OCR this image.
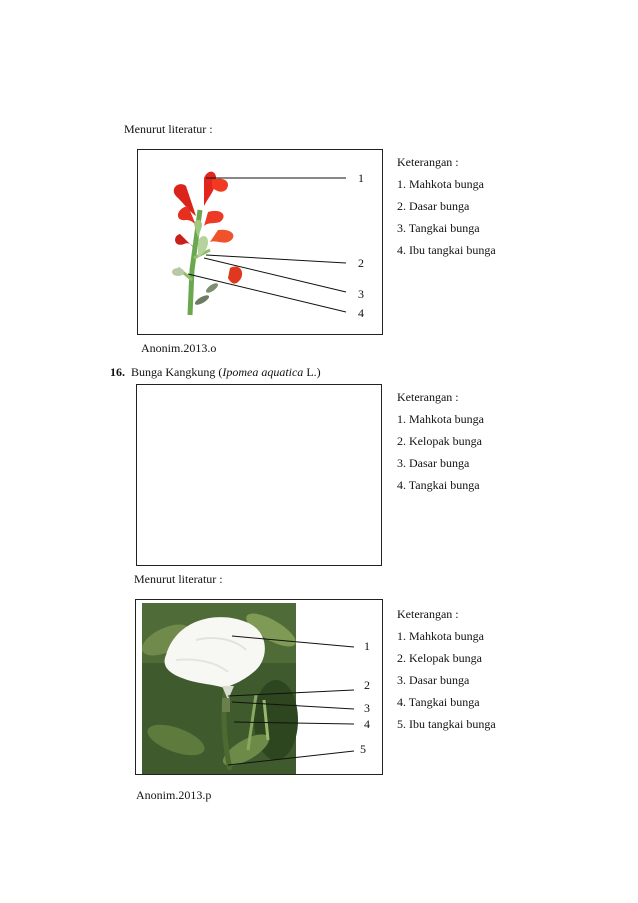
Menurut literatur :
1
2
3
4
Keterangan :
1. Mahkota bunga
2. Dasar bunga
3. Tangkai bunga
4. Ibu tangkai bunga
Anonim.2013.o
16. Bunga Kangkung (Ipomea aquatica L.)
Keterangan :
1. Mahkota bunga
2. Kelopak bunga
3. Dasar bunga
4. Tangkai bunga
Menurut literatur :
1
2
3
4
5
Keterangan :
1. Mahkota bunga
2. Kelopak bunga
3. Dasar bunga
4. Tangkai bunga
5. Ibu tangkai bunga
Anonim.2013.p
